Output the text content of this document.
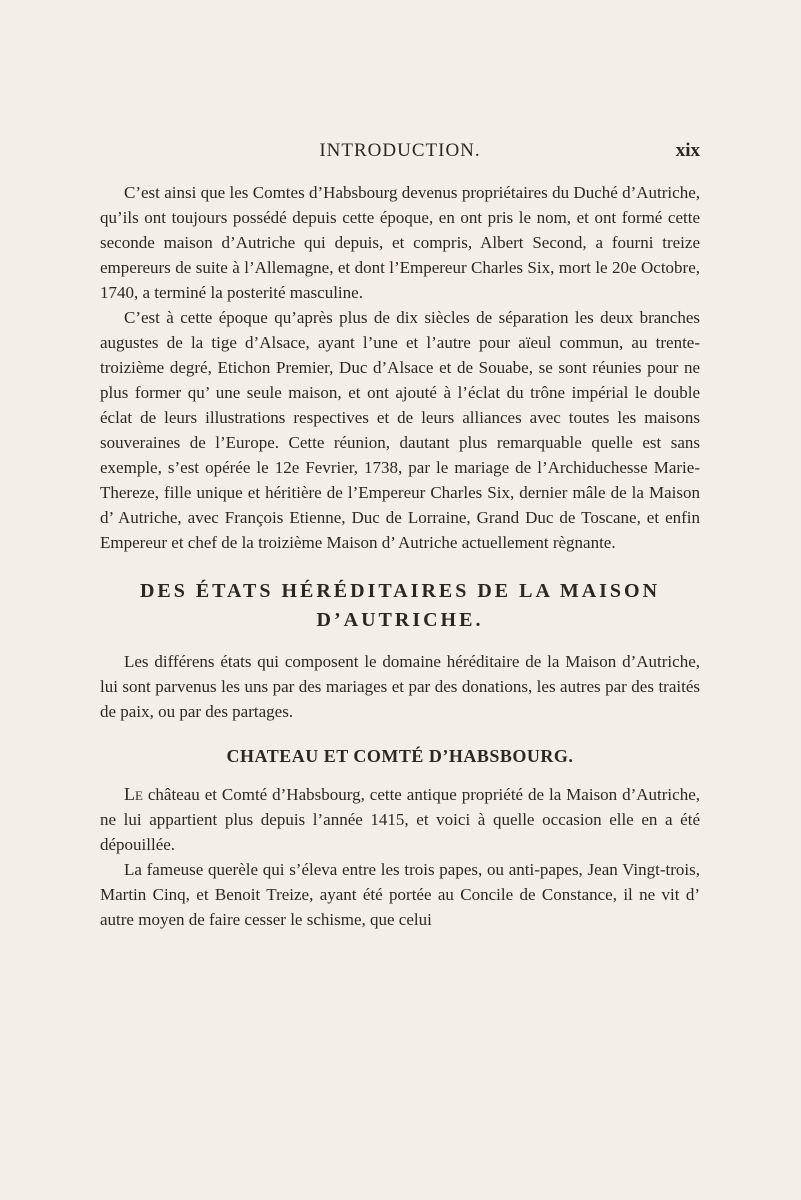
INTRODUCTION.	xix

C’est ainsi que les Comtes d’Habsbourg devenus propriétaires du Duché d’Autriche, qu’ils ont toujours possédé depuis cette époque, en ont pris le nom, et ont formé cette seconde maison d’Autriche qui depuis, et compris, Albert Second, a fourni treize empereurs de suite à l’Allemagne, et dont l’Empereur Charles Six, mort le 20e Octobre, 1740, a terminé la posterité masculine.

C’est à cette époque qu’après plus de dix siècles de séparation les deux branches augustes de la tige d’Alsace, ayant l’une et l’autre pour aïeul commun, au trente-troizième degré, Etichon Premier, Duc d’Alsace et de Souabe, se sont réunies pour ne plus former qu’ une seule maison, et ont ajouté à l’éclat du trône impérial le double éclat de leurs illustrations respectives et de leurs alliances avec toutes les maisons souveraines de l’Europe. Cette réunion, dautant plus remarquable quelle est sans exemple, s’est opérée le 12e Fevrier, 1738, par le mariage de l’Archiduchesse Marie-Thereze, fille unique et héritière de l’Empereur Charles Six, dernier mâle de la Maison d’ Autriche, avec François Etienne, Duc de Lorraine, Grand Duc de Toscane, et enfin Empereur et chef de la troizième Maison d’ Autriche actuellement règnante.

DES ÉTATS HÉRÉDITAIRES DE LA MAISON
D’AUTRICHE.

Les différens états qui composent le domaine héréditaire de la Maison d’Autriche, lui sont parvenus les uns par des mariages et par des donations, les autres par des traités de paix, ou par des partages.

CHATEAU ET COMTÉ D’HABSBOURG.

Le château et Comté d’Habsbourg, cette antique propriété de la Maison d’Autriche, ne lui appartient plus depuis l’année 1415, et voici à quelle occasion elle en a été dépouillée.

La fameuse querèle qui s’éleva entre les trois papes, ou anti-papes, Jean Vingt-trois, Martin Cinq, et Benoit Treize, ayant été portée au Concile de Constance, il ne vit d’ autre moyen de faire cesser le schisme, que celui
